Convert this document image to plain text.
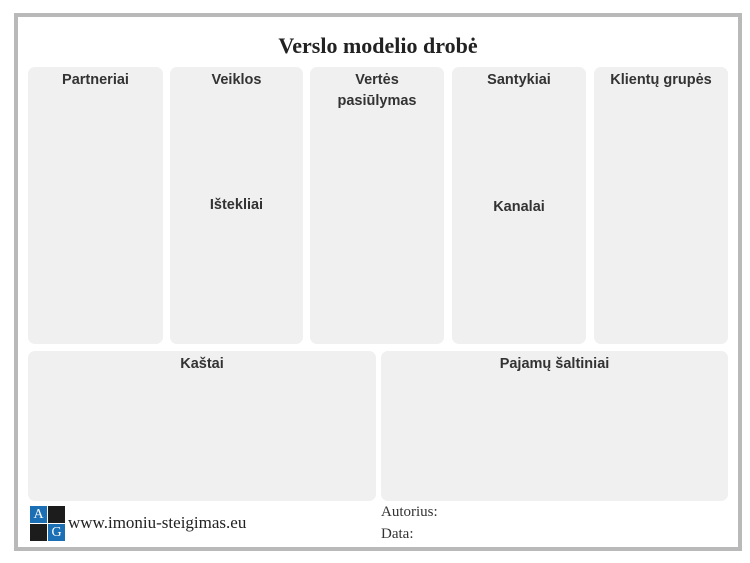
Verslo modelio drobė
Partneriai	Veiklos
Ištekliai
Vertės
pasiūlymas
Santykiai
Kanalai
Klientų grupės
Kaštai	Pajamų šaltiniai
A
G
www.imoniu-steigimas.eu
Autorius:
Data:
